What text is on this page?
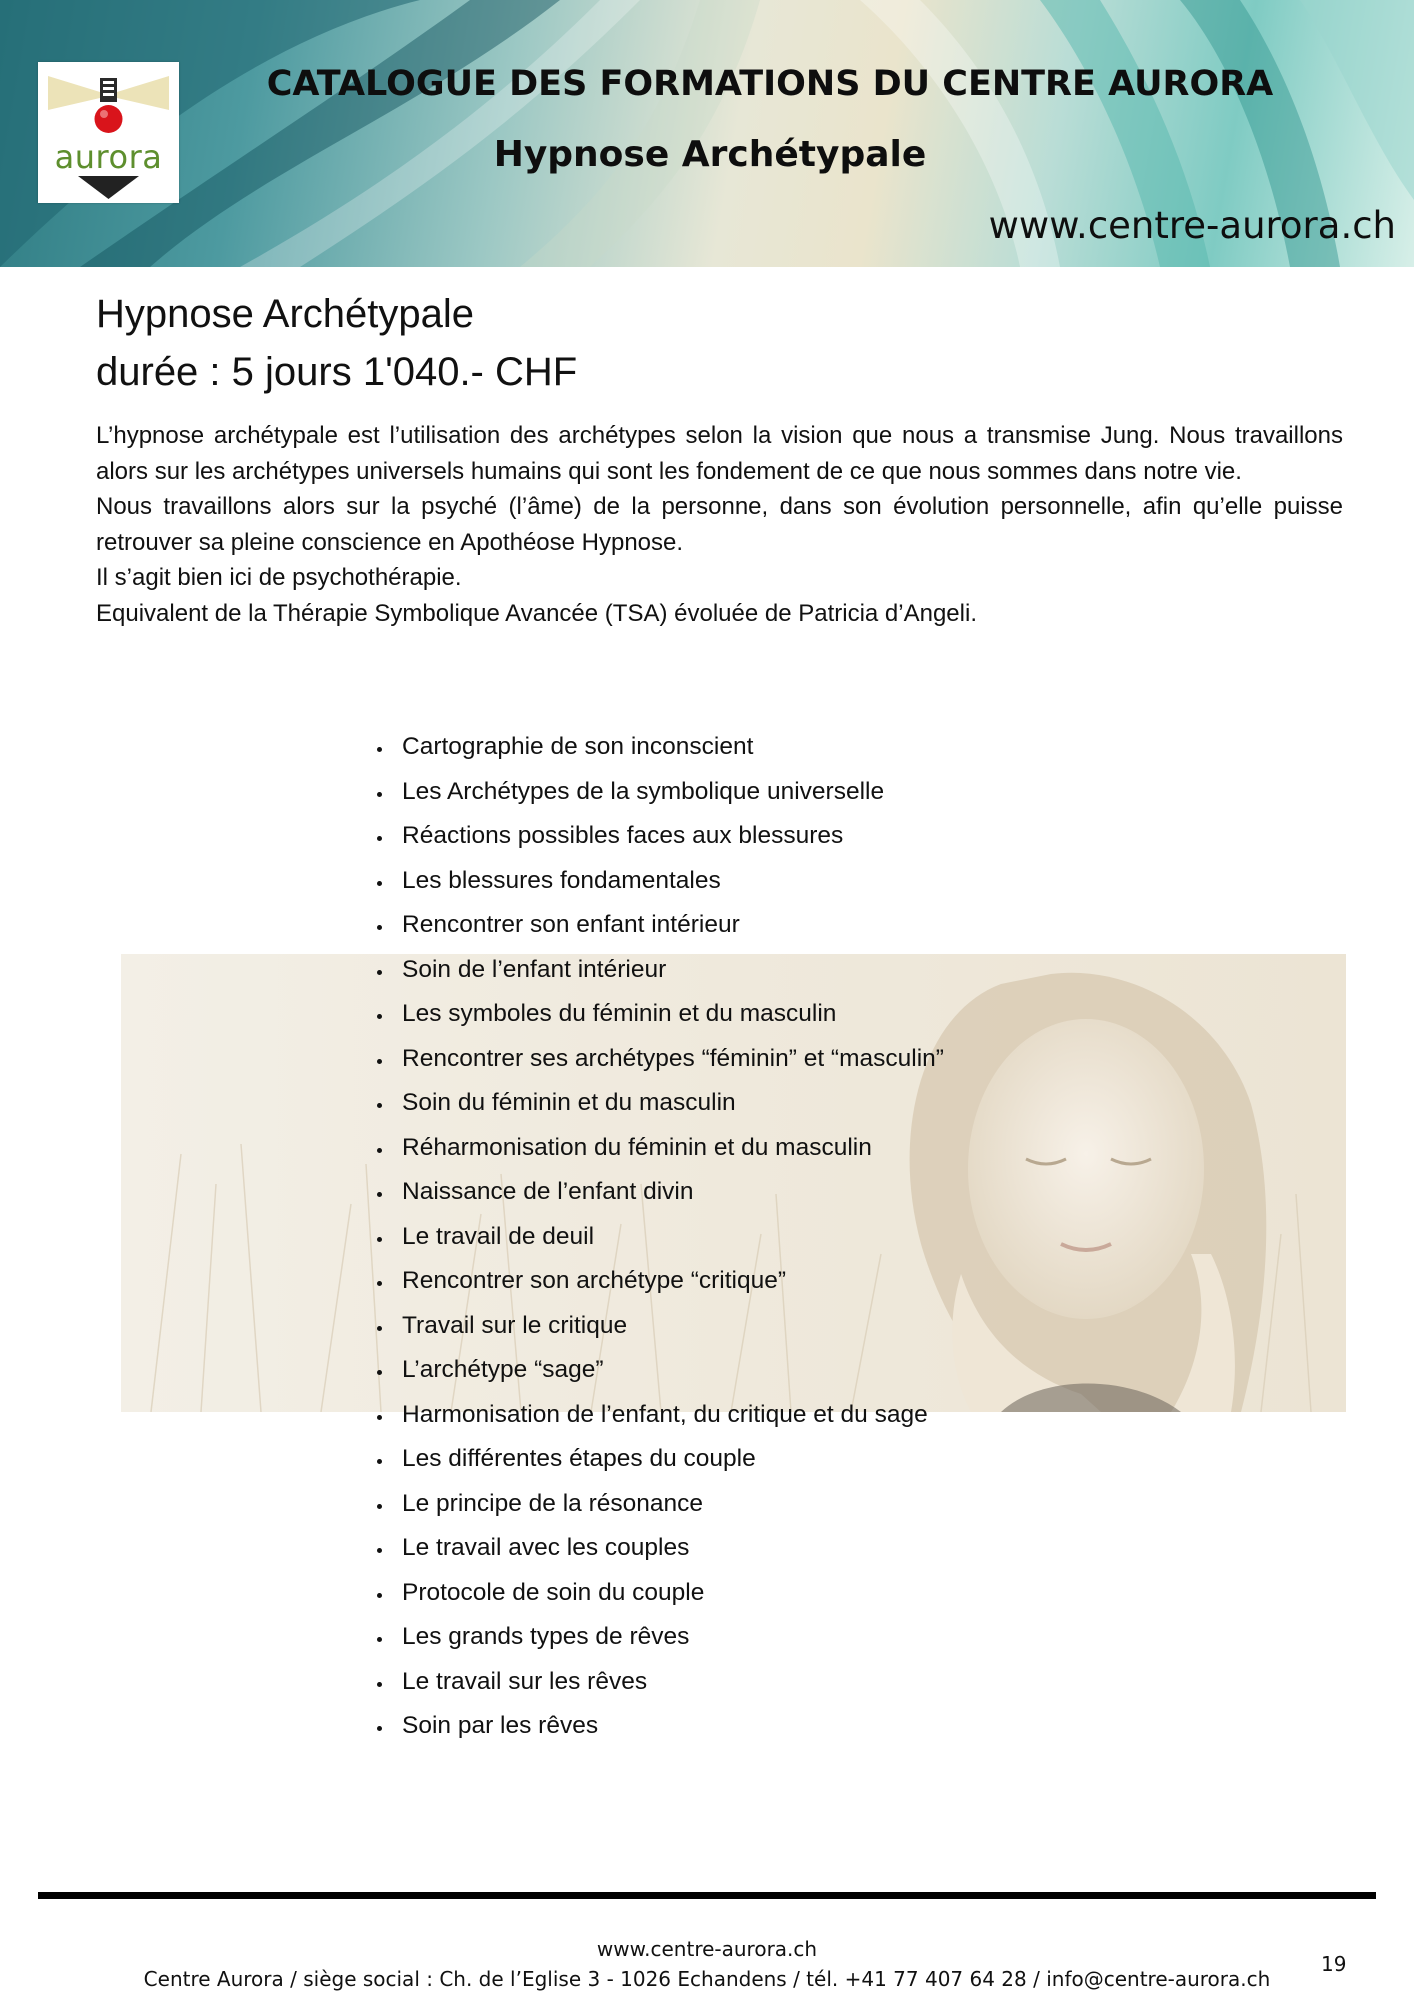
aurora
CATALOGUE DES FORMATIONS DU CENTRE AURORA
Hypnose Archétypale
www.centre-aurora.ch
Hypnose Archétypale
durée : 5 jours 1'040.- CHF

L’hypnose archétypale est l’utilisation des archétypes selon la vision que nous a transmise Jung. Nous travaillons alors sur les archétypes universels humains qui sont les fondement de ce que nous sommes dans notre vie.

Nous travaillons alors sur la psyché (l’âme) de la personne, dans son évolution personnelle, afin qu’elle puisse retrouver sa pleine conscience en Apothéose Hypnose.

Il s’agit bien ici de psychothérapie.

Equivalent de la Thérapie Symbolique Avancée (TSA) évoluée de Patricia d’Angeli.

Cartographie de son inconscient
Les Archétypes de la symbolique universelle
Réactions possibles faces aux blessures
Les blessures fondamentales
Rencontrer son enfant intérieur
Soin de l’enfant intérieur
Les symboles du féminin et du masculin
Rencontrer ses archétypes “féminin” et “masculin”
Soin du féminin et du masculin
Réharmonisation du féminin et du masculin
Naissance de l’enfant divin
Le travail de deuil
Rencontrer son archétype “critique”
Travail sur le critique
L’archétype “sage”
Harmonisation de l’enfant, du critique et du sage
Les différentes étapes du couple
Le principe de la résonance
Le travail avec les couples
Protocole de soin du couple
Les grands types de rêves
Le travail sur les rêves
Soin par les rêves
www.centre-aurora.ch
Centre Aurora / siège social : Ch. de l’Eglise 3 - 1026 Echandens / tél. +41 77 407 64 28 / info@centre-aurora.ch
19
